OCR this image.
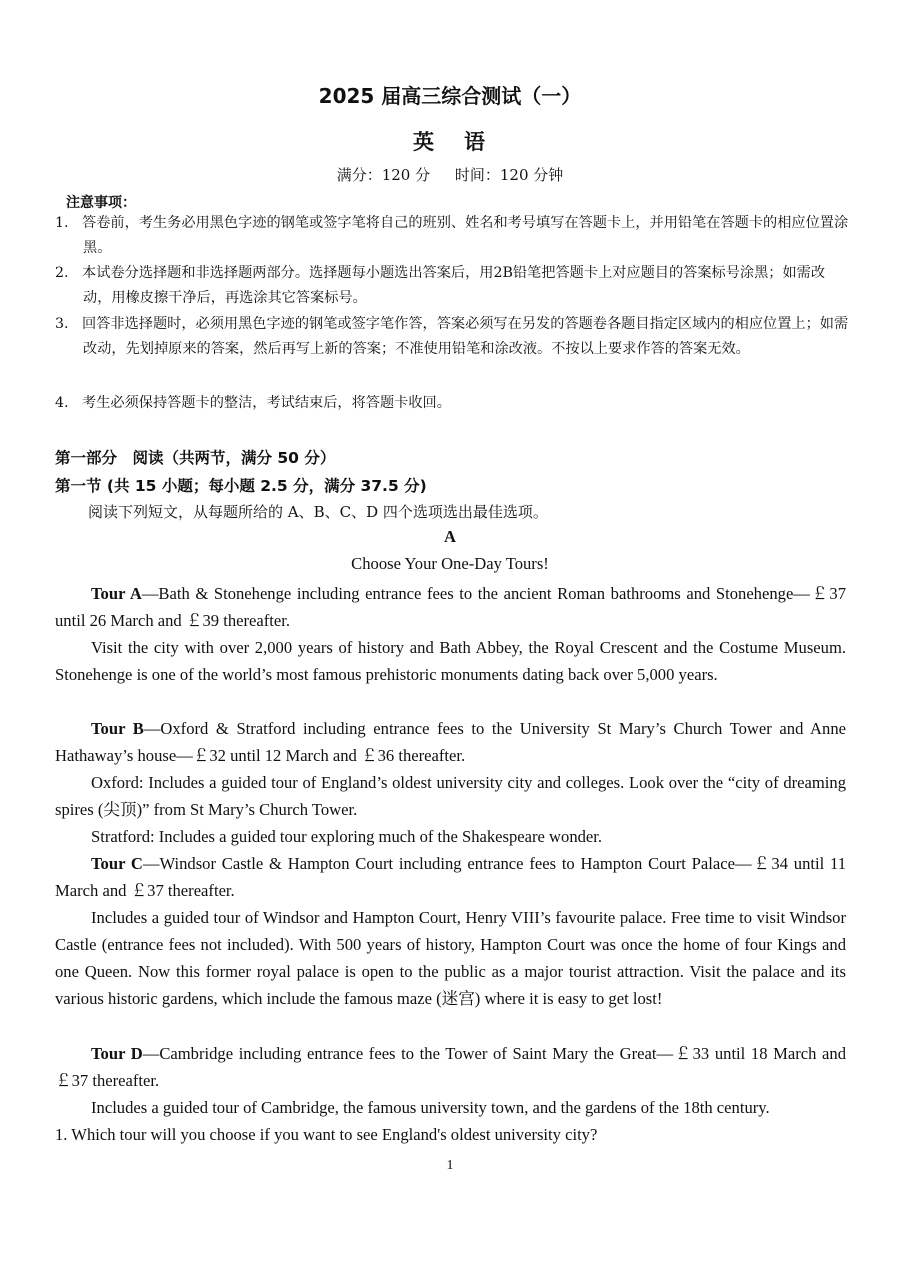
2025 届高三综合测试（一）
英 语
满分：120 分 时间：120 分钟
注意事项：
1. 答卷前，考生务必用黑色字迹的钢笔或签字笔将自己的班别、姓名和考号填写在答题卡上，并用铅笔在答题卡的相应位置涂黑。
2. 本试卷分选择题和非选择题两部分。选择题每小题选出答案后，用2B铅笔把答题卡上对应题目的答案标号涂黑；如需改动，用橡皮擦干净后，再选涂其它答案标号。
3. 回答非选择题时，必须用黑色字迹的钢笔或签字笔作答，答案必须写在另发的答题卷各题目指定区域内的相应位置上；如需改动，先划掉原来的答案，然后再写上新的答案；不准使用铅笔和涂改液。不按以上要求作答的答案无效。
4. 考生必须保持答题卡的整洁，考试结束后，将答题卡收回。
第一部分　阅读（共两节，满分 50 分）
第一节 (共 15 小题；每小题 2.5 分，满分 37.5 分)
阅读下列短文，从每题所给的 A、B、C、D 四个选项选出最佳选项。
A
Choose Your One-Day Tours!
Tour A—Bath & Stonehenge including entrance fees to the ancient Roman bathrooms and Stonehenge—￡37 until 26 March and ￡39 thereafter.
Visit the city with over 2,000 years of history and Bath Abbey, the Royal Crescent and the Costume Museum. Stonehenge is one of the world’s most famous prehistoric monuments dating back over 5,000 years.
Tour B—Oxford & Stratford including entrance fees to the University St Mary’s Church Tower and Anne Hathaway’s house—￡32 until 12 March and ￡36 thereafter.
Oxford: Includes a guided tour of England’s oldest university city and colleges. Look over the “city of dreaming spires (尖顶)” from St Mary’s Church Tower.
Stratford: Includes a guided tour exploring much of the Shakespeare wonder.
Tour C—Windsor Castle & Hampton Court including entrance fees to Hampton Court Palace—￡34 until 11 March and ￡37 thereafter.
Includes a guided tour of Windsor and Hampton Court, Henry VIII’s favourite palace. Free time to visit Windsor Castle (entrance fees not included). With 500 years of history, Hampton Court was once the home of four Kings and one Queen. Now this former royal palace is open to the public as a major tourist attraction. Visit the palace and its various historic gardens, which include the famous maze (迷宫) where it is easy to get lost!
Tour D—Cambridge including entrance fees to the Tower of Saint Mary the Great—￡33 until 18 March and ￡37 thereafter.
Includes a guided tour of Cambridge, the famous university town, and the gardens of the 18th century.
1. Which tour will you choose if you want to see England's oldest university city?
1
